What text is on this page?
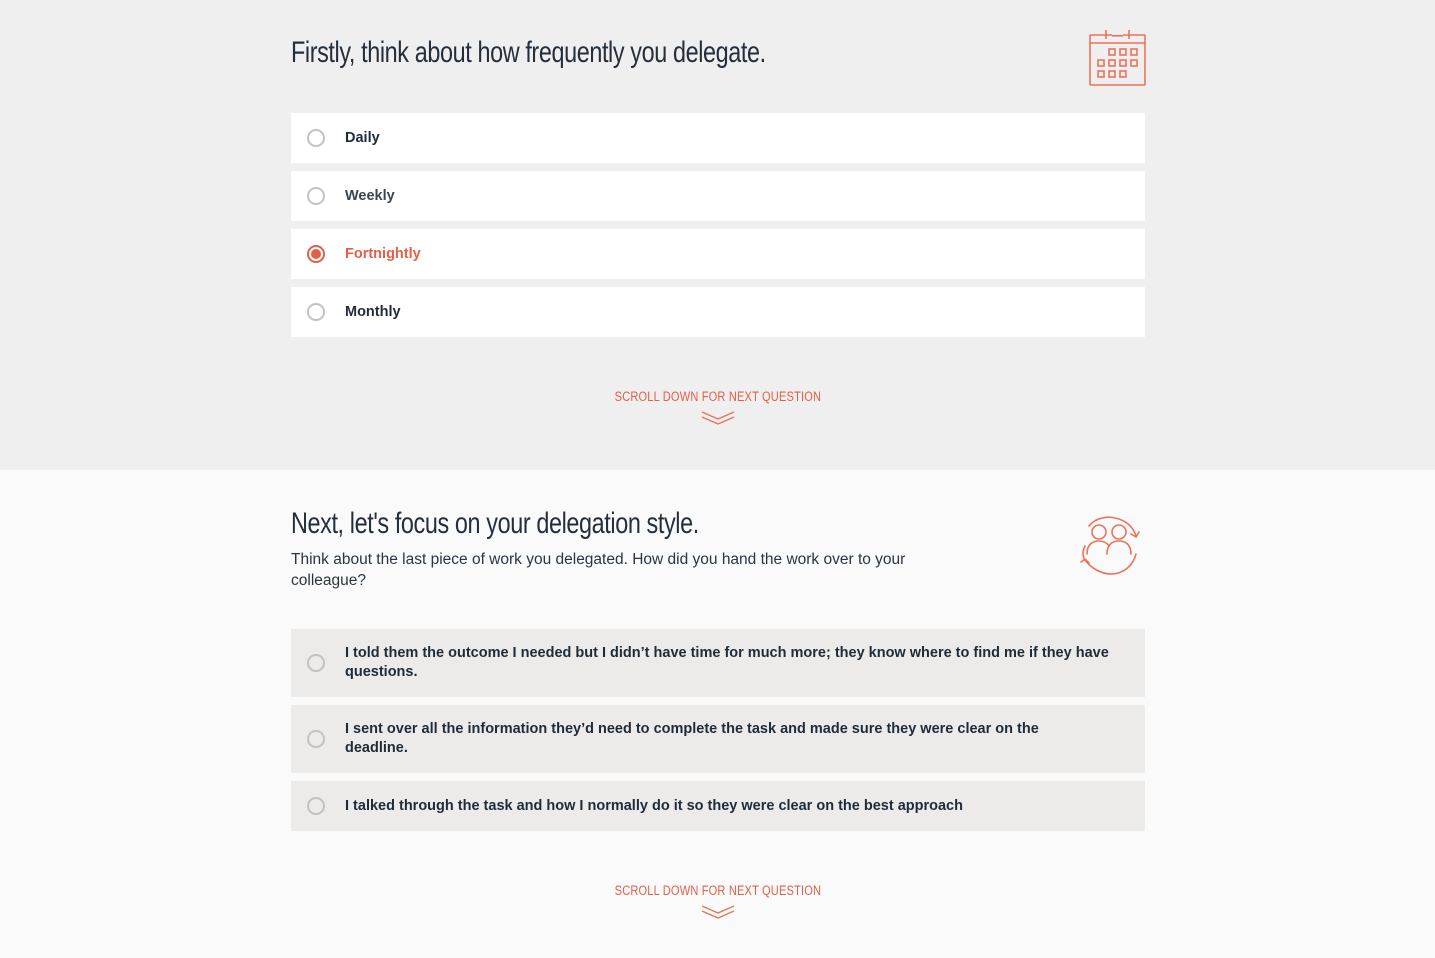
Firstly, think about how frequently you delegate.
Daily
Weekly
Fortnightly
Monthly
SCROLL DOWN FOR NEXT QUESTION
Next, let's focus on your delegation style.

Think about the last piece of work you delegated. How did you hand the work over to your colleague?

I told them the outcome I needed but I didn’t have time for much more; they know where to find me if they have questions.
I sent over all the information they’d need to complete the task and made sure they were clear on the deadline.
I talked through the task and how I normally do it so they were clear on the best approach
SCROLL DOWN FOR NEXT QUESTION
